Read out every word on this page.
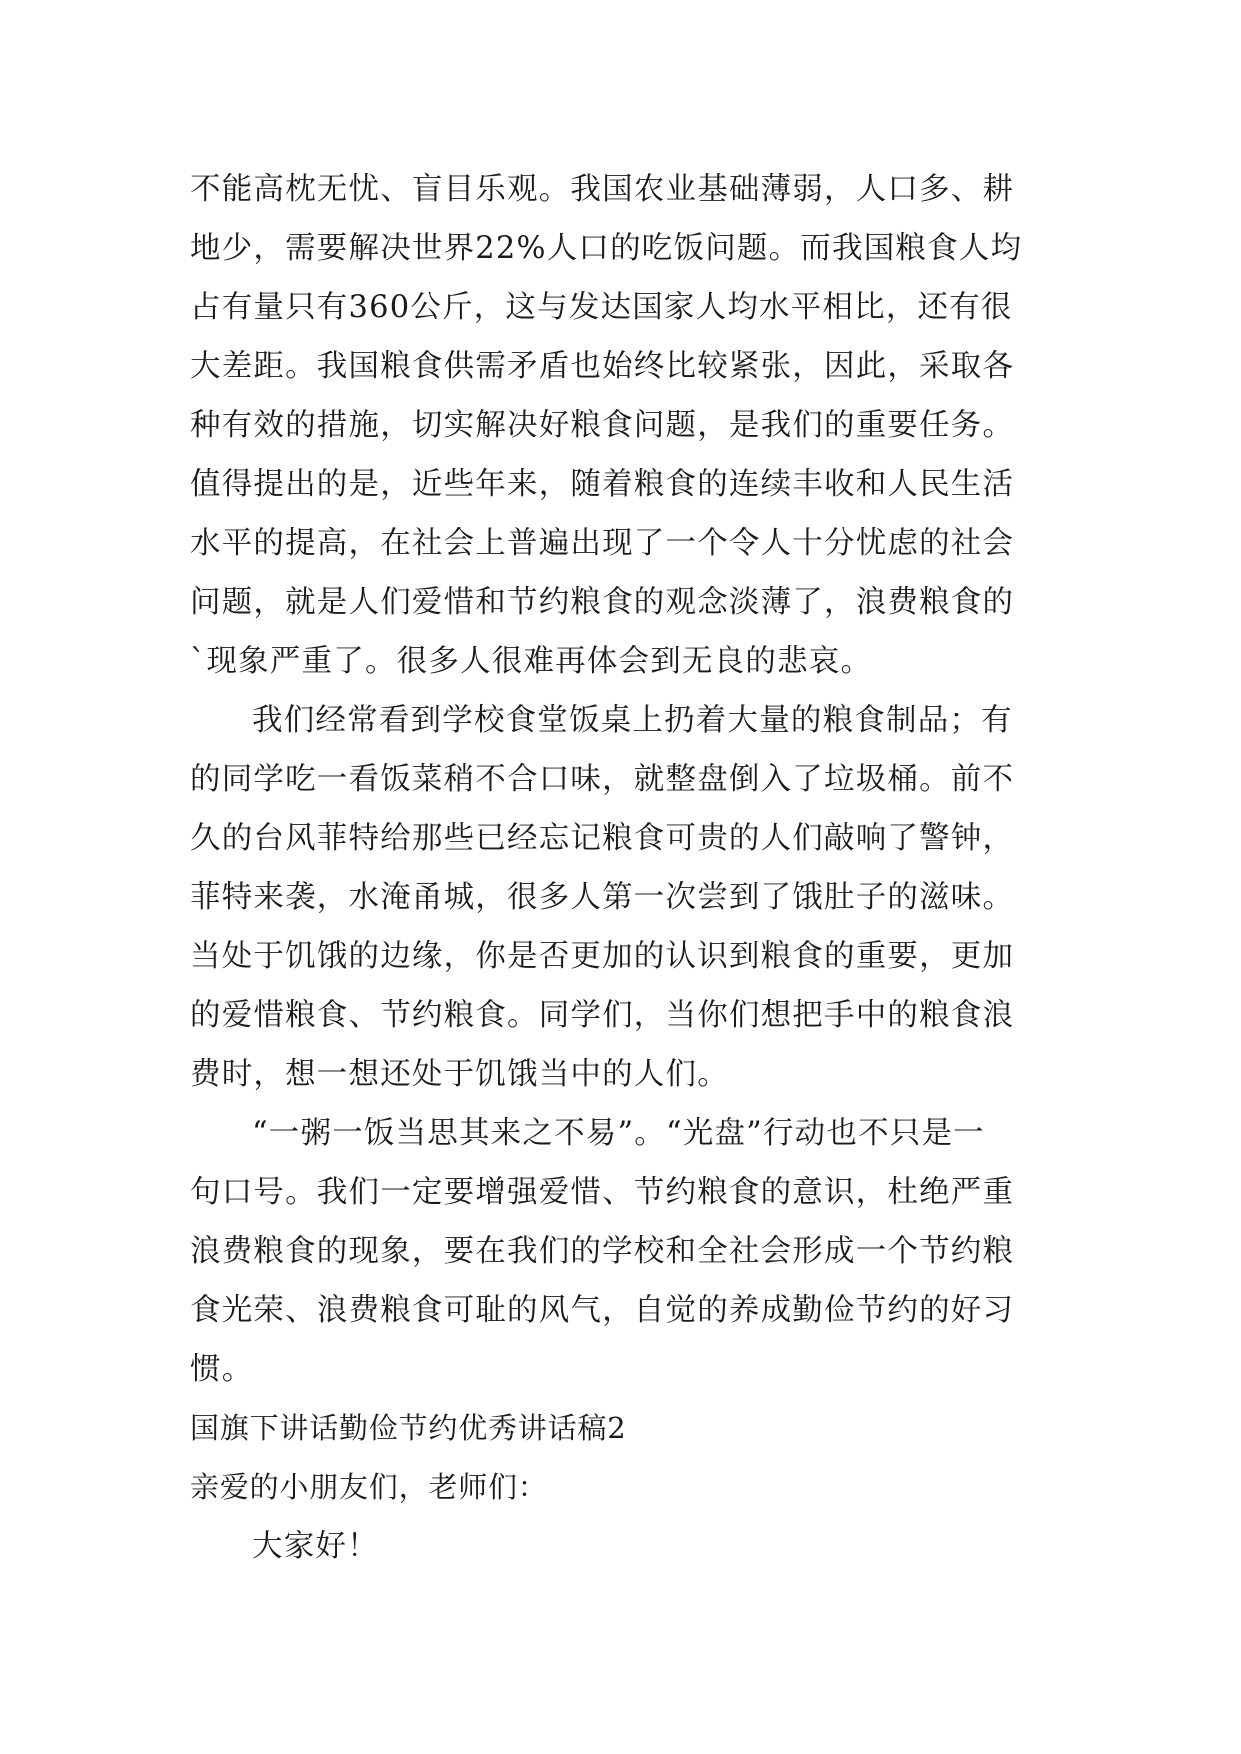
不能高枕无忧、盲目乐观。我国农业基础薄弱，人口多、耕
地少，需要解决世界22%人口的吃饭问题。而我国粮食人均
占有量只有360公斤，这与发达国家人均水平相比，还有很
大差距。我国粮食供需矛盾也始终比较紧张，因此，采取各
种有效的措施，切实解决好粮食问题，是我们的重要任务。
值得提出的是，近些年来，随着粮食的连续丰收和人民生活
水平的提高，在社会上普遍出现了一个令人十分忧虑的社会
问题，就是人们爱惜和节约粮食的观念淡薄了，浪费粮食的
`现象严重了。很多人很难再体会到无良的悲哀。
我们经常看到学校食堂饭桌上扔着大量的粮食制品；有
的同学吃一看饭菜稍不合口味，就整盘倒入了垃圾桶。前不
久的台风菲特给那些已经忘记粮食可贵的人们敲响了警钟，
菲特来袭，水淹甬城，很多人第一次尝到了饿肚子的滋味。
当处于饥饿的边缘，你是否更加的认识到粮食的重要，更加
的爱惜粮食、节约粮食。同学们，当你们想把手中的粮食浪
费时，想一想还处于饥饿当中的人们。
“一粥一饭当思其来之不易”。“光盘”行动也不只是一
句口号。我们一定要增强爱惜、节约粮食的意识，杜绝严重
浪费粮食的现象，要在我们的学校和全社会形成一个节约粮
食光荣、浪费粮食可耻的风气，自觉的养成勤俭节约的好习
惯。
国旗下讲话勤俭节约优秀讲话稿2
亲爱的小朋友们，老师们：
大家好！
